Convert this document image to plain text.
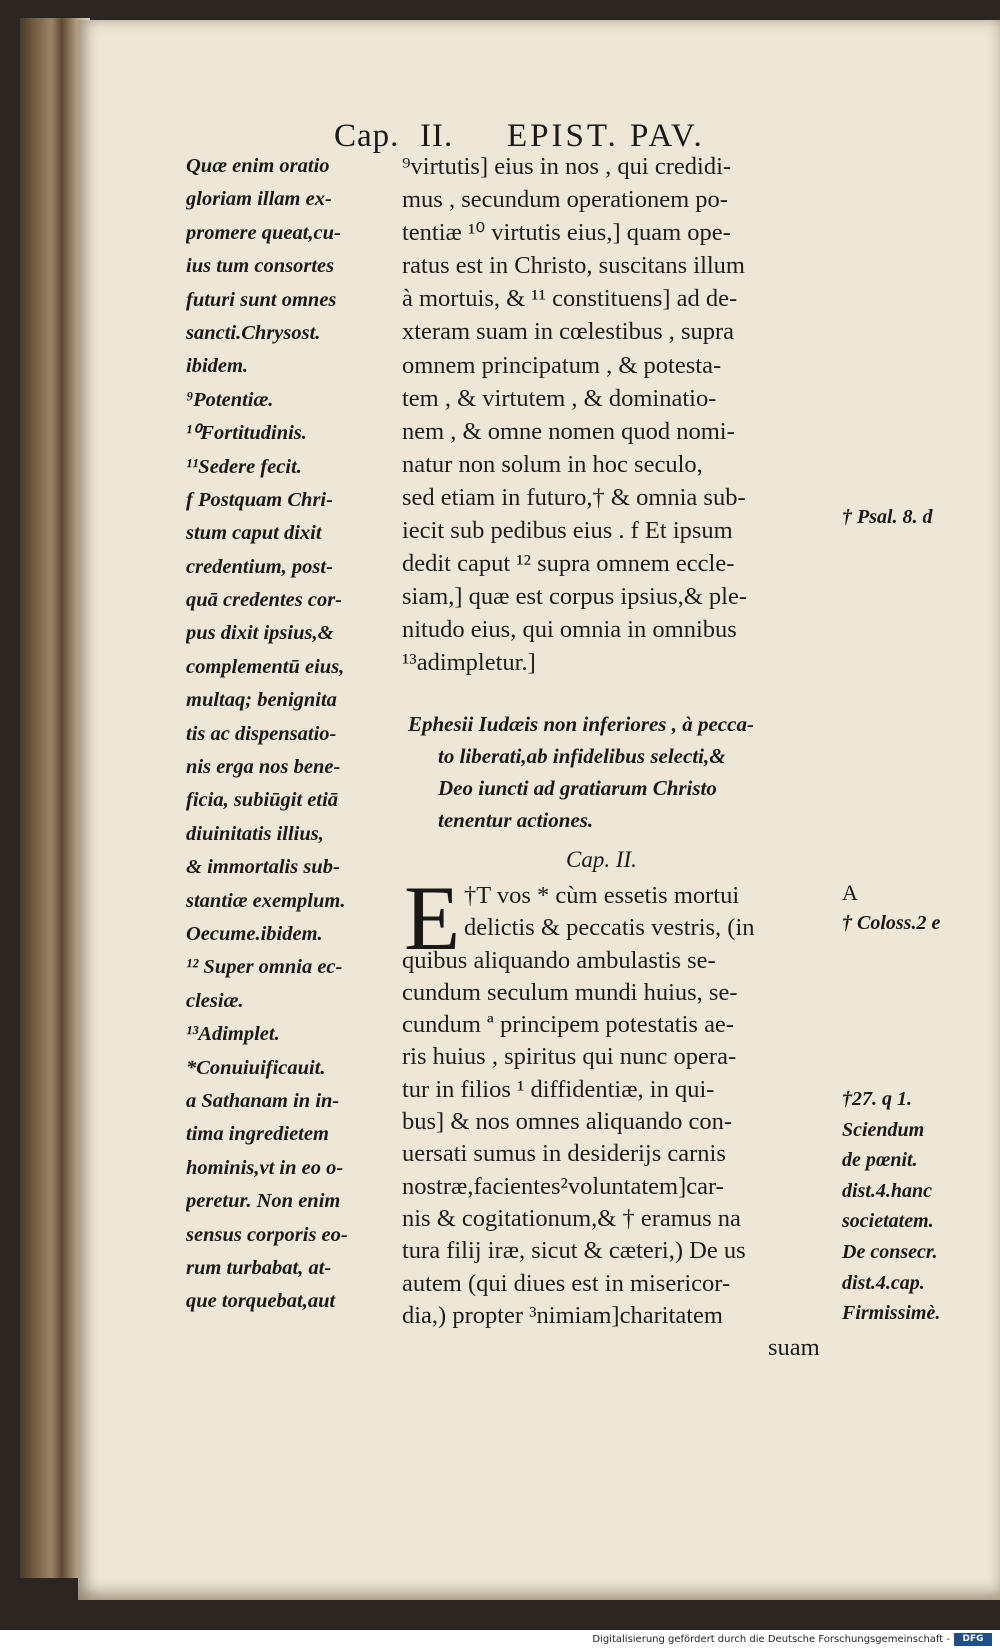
Cap. II. EPIST. PAV.
Quæ enim oratio
gloriam illam ex-
promere queat,cu-
ius tum consortes
futuri sunt omnes
sancti.Chrysost.
ibidem.
⁹Potentiæ.
¹⁰Fortitudinis.
¹¹Sedere fecit.
f Postquam Chri-
stum caput dixit
credentium, post-
quā credentes cor-
pus dixit ipsius,&
complementū eius,
multaq; benignita
tis ac dispensatio-
nis erga nos bene-
ficia, subiūgit etiā
diuinitatis illius,
& immortalis sub-
stantiæ exemplum.
Oecume.ibidem.
¹² Super omnia ec-
clesiæ.
¹³Adimplet.
*Conuiuificauit.
a Sathanam in in-
tima ingredietem
hominis,vt in eo o-
peretur. Non enim
sensus corporis eo-
rum turbabat, at-
que torquebat,aut
⁹virtutis] eius in nos , qui credidi-
mus , secundum operationem po-
tentiæ ¹⁰ virtutis eius,] quam ope-
ratus est in Christo, suscitans illum
à mortuis, & ¹¹ constituens] ad de-
xteram suam in cœlestibus , supra
omnem principatum , & potesta-
tem , & virtutem , & dominatio-
nem , & omne nomen quod nomi-
natur non solum in hoc seculo,
sed etiam in futuro,† & omnia sub-
iecit sub pedibus eius . f Et ipsum
dedit caput ¹² supra omnem eccle-
siam,] quæ est corpus ipsius,& ple-
nitudo eius, qui omnia in omnibus
¹³adimpletur.]
Ephesii Iudæis non inferiores , à pecca-
to liberati,ab infidelibus selecti,&
Deo iuncti ad gratiarum Christo
tenentur actiones.
Cap. II.
E †T vos * cùm essetis mortui
delictis & peccatis vestris, (in
quibus aliquando ambulastis se-
cundum seculum mundi huius, se-
cundum ª principem potestatis ae-
ris huius , spiritus qui nunc opera-
tur in filios ¹ diffidentiæ, in qui-
bus] & nos omnes aliquando con-
uersati sumus in desiderijs carnis
nostræ,facientes²voluntatem]car-
nis & cogitationum,& † eramus na
tura filij iræ, sicut & cæteri,) De us
autem (qui diues est in misericor-
dia,) propter ³nimiam]charitatem
suam
† Psal. 8. d
A
† Coloss.2 e
†27. q 1.
Sciendum
de pœnit.
dist.4.hanc
societatem.
De consecr.
dist.4.cap.
Firmissimè.
Digitalisierung gefördert durch die Deutsche Forschungsgemeinschaft -	DFG
